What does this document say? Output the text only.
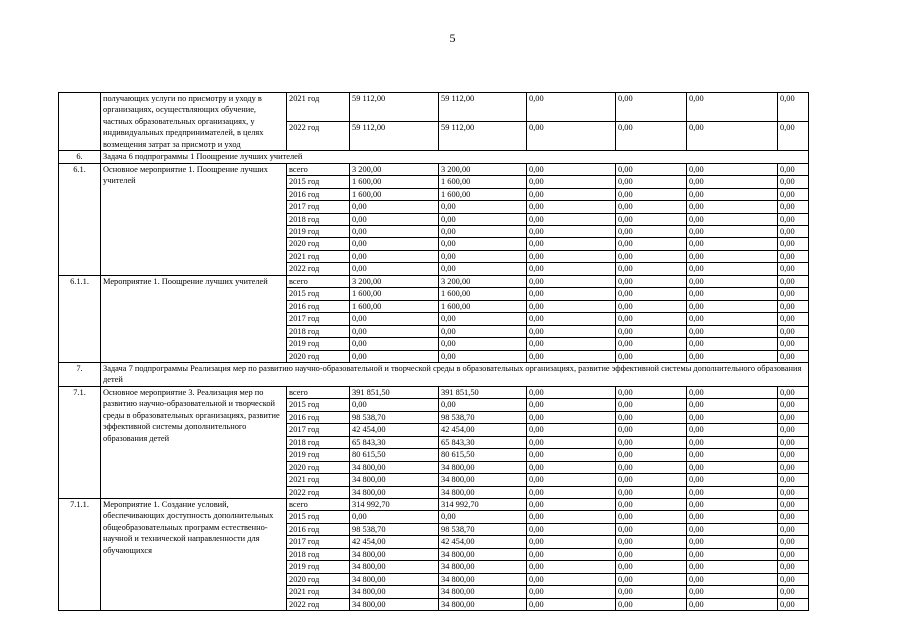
5
	получающих услуги по присмотру и уходу в организациях, осуществляющих обучение, частных образовательных организациях, у индивидуальных предпринимателей, в целях возмещения затрат за присмотр и уход	2021 год	59 112,00	59 112,00	0,00	0,00	0,00	0,00	
		2022 год	59 112,00	59 112,00	0,00	0,00	0,00	0,00	
6.	Задача 6 подпрограммы 1 Поощрение лучших учителей								
6.1.	Основное мероприятие 1. Поощрение лучших учителей	всего	3 200,00	3 200,00	0,00	0,00	0,00	0,00	
		2015 год	1 600,00	1 600,00	0,00	0,00	0,00	0,00	
		2016 год	1 600,00	1 600,00	0,00	0,00	0,00	0,00	
		2017 год	0,00	0,00	0,00	0,00	0,00	0,00	
		2018 год	0,00	0,00	0,00	0,00	0,00	0,00	
		2019 год	0,00	0,00	0,00	0,00	0,00	0,00	
		2020 год	0,00	0,00	0,00	0,00	0,00	0,00	
		2021 год	0,00	0,00	0,00	0,00	0,00	0,00	
		2022 год	0,00	0,00	0,00	0,00	0,00	0,00	
6.1.1.	Мероприятие 1. Поощрение лучших учителей	всего	3 200,00	3 200,00	0,00	0,00	0,00	0,00	
		2015 год	1 600,00	1 600,00	0,00	0,00	0,00	0,00	
		2016 год	1 600,00	1 600,00	0,00	0,00	0,00	0,00	
		2017 год	0,00	0,00	0,00	0,00	0,00	0,00	
		2018 год	0,00	0,00	0,00	0,00	0,00	0,00	
		2019 год	0,00	0,00	0,00	0,00	0,00	0,00	
		2020 год	0,00	0,00	0,00	0,00	0,00	0,00	
7.	Задача 7 подпрограммы Реализация мер по развитию научно-образовательной и творческой среды в образовательных организациях, развитие эффективной системы дополнительного образования детей								
7.1.	Основное мероприятие 3. Реализация мер по развитию научно-образовательной и творческой среды в образовательных организациях, развитие эффективной системы дополнительного образования детей	всего	391 851,50	391 851,50	0,00	0,00	0,00	0,00	
		2015 год	0,00	0,00	0,00	0,00	0,00	0,00	
		2016 год	98 538,70	98 538,70	0,00	0,00	0,00	0,00	
		2017 год	42 454,00	42 454,00	0,00	0,00	0,00	0,00	
		2018 год	65 843,30	65 843,30	0,00	0,00	0,00	0,00	
		2019 год	80 615,50	80 615,50	0,00	0,00	0,00	0,00	
		2020 год	34 800,00	34 800,00	0,00	0,00	0,00	0,00	
		2021 год	34 800,00	34 800,00	0,00	0,00	0,00	0,00	
		2022 год	34 800,00	34 800,00	0,00	0,00	0,00	0,00	
7.1.1.	Мероприятие 1. Создание условий, обеспечивающих доступность дополнительных общеобразовательных программ естественно-научной и технической направленности для обучающихся	всего	314 992,70	314 992,70	0,00	0,00	0,00	0,00	
		2015 год	0,00	0,00	0,00	0,00	0,00	0,00	
		2016 год	98 538,70	98 538,70	0,00	0,00	0,00	0,00	
		2017 год	42 454,00	42 454,00	0,00	0,00	0,00	0,00	
		2018 год	34 800,00	34 800,00	0,00	0,00	0,00	0,00	
		2019 год	34 800,00	34 800,00	0,00	0,00	0,00	0,00	
		2020 год	34 800,00	34 800,00	0,00	0,00	0,00	0,00	
		2021 год	34 800,00	34 800,00	0,00	0,00	0,00	0,00	
		2022 год	34 800,00	34 800,00	0,00	0,00	0,00	0,00	
